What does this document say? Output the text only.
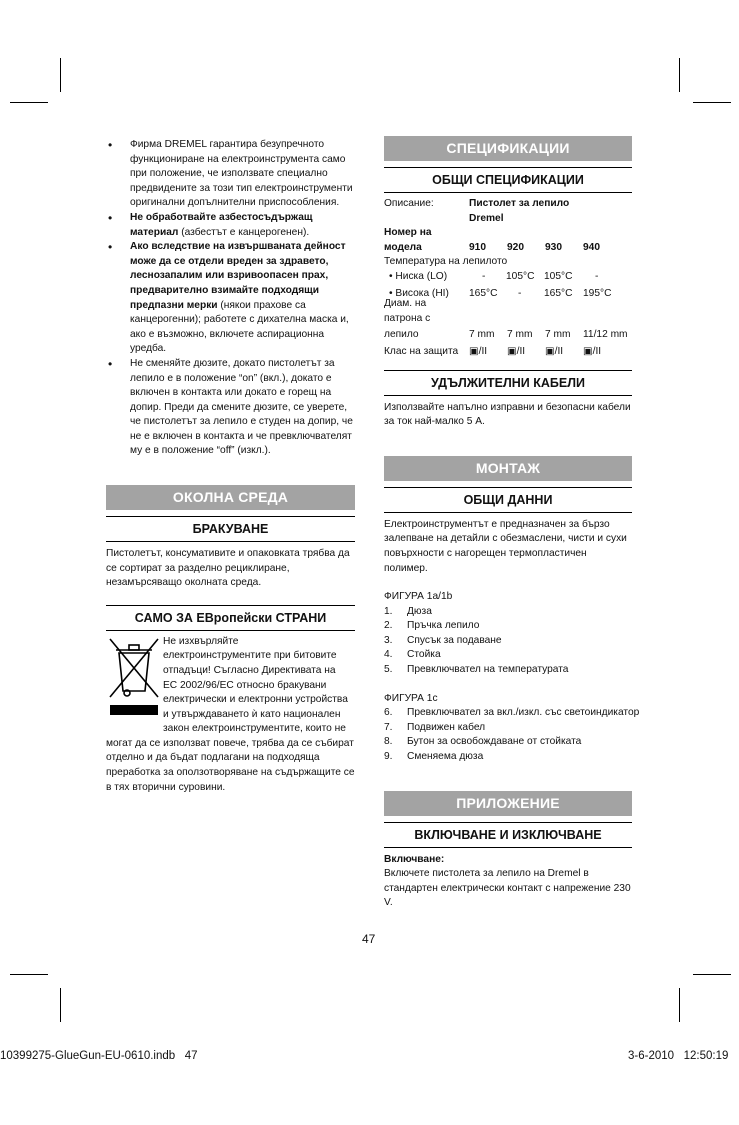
• Фирма DREMEL гарантира безупречното функциониране на електроинструмента само при положение, че използвате специално предвидените за този тип електроинструменти оригинални допълнителни приспособления.
• Не обработвайте азбестосъдържащ материал (азбестът е канцерогенен).
• Ако вследствие на извършваната дейност може да се отдели вреден за здравето, леснозапалим или взривоопасен прах, предварително взимайте подходящи предпазни мерки (някои прахове са канцерогенни); работете с дихателна маска и, ако е възможно, включете аспирационна уредба.
• Не сменяйте дюзите, докато пистолетът за лепило е в положение “on” (вкл.), докато е включен в контакта или докато е горещ на допир. Преди да смените дюзите, се уверете, че пистолетът за лепило е студен на допир, че не е включен в контакта и че превключвателят му е в положение “off” (изкл.).
ОКОЛНА СРЕДА
БРАКУВАНЕ

Пистолетът, консумативите и опаковката трябва да се сортират за разделно рециклиране, незамърсяващо околната среда.

САМО ЗА ЕВропейски СТРАНИ
Не изхвърляйте
електроинструментите при битовите
отпадъци! Съгласно Директивата на
ЕС 2002/96/ЕС относно бракувани
електрически и електронни устройства
и утвърждаването ѝ като национален
закон електроинструментите, които не

могат да се използват повече, трябва да се събират отделно и да бъдат подлагани на подходяща преработка за оползотворяване на съдържащите се в тях вторични суровини.

СПЕЦИФИКАЦИИ
ОБЩИ СПЕЦИФИКАЦИИ
Описание:	Пистолет за лепило
Dremel
Номер на
модела	910 920 930 940
Температура на лепилото
• Ниска (LO)	- 105°C 105°C -
• Висока (HI) 165°C - 165°C 195°C
Диам. на
патрона с
лепило	7 mm 7 mm 7 mm 11/12 mm
Клас на защита ▣/II ▣/II ▣/II ▣/II
УДЪЛЖИТЕЛНИ КАБЕЛИ

Използвайте напълно изправни и безопасни кабели за ток най-малко 5 A.

МОНТАЖ
ОБЩИ ДАННИ

Електроинструментът е предназначен за бързо залепване на детайли с обезмаслени, чисти и сухи повърхности с нагорещен термопластичен полимер.

ФИГУРА 1a/1b

1. Дюза
2. Пръчка лепило
3. Спусък за подаване
4. Стойка
5. Превключвател на температурата

ФИГУРА 1c

6. Превключвател за вкл./изкл. със светоиндикатор
7. Подвижен кабел
8. Бутон за освобождаване от стойката
9. Сменяема дюза
ПРИЛОЖЕНИЕ
ВКЛЮЧВАНЕ И ИЗКЛЮЧВАНЕ

Включване:

Включете пистолета за лепило на Dremel в стандартен електрически контакт с напрежение 230 V.

47
10399275-GlueGun-EU-0610.indb   47	3-6-2010   12:50:19
